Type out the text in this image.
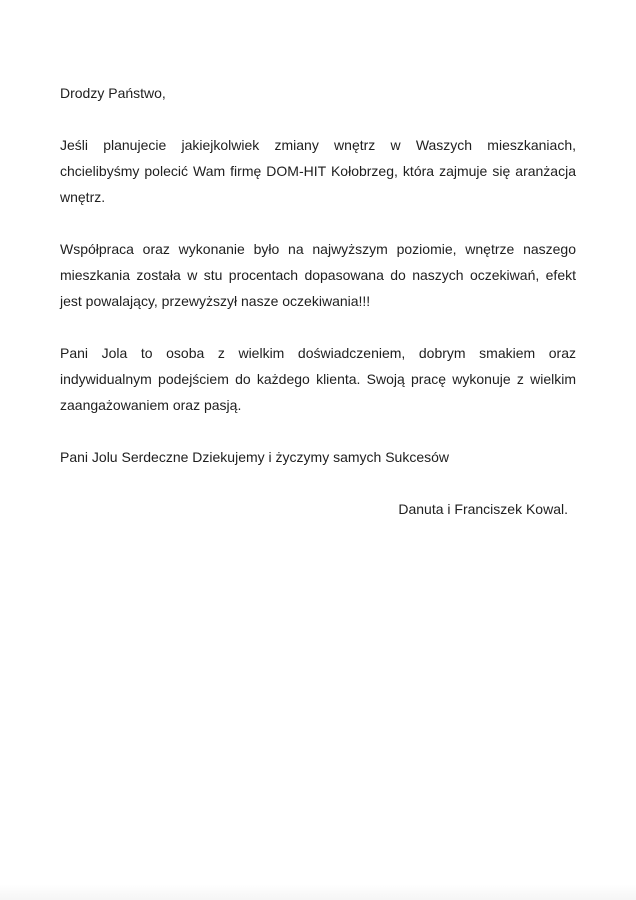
Drodzy Państwo,

Jeśli planujecie jakiejkolwiek zmiany wnętrz w Waszych mieszkaniach, chcielibyśmy polecić Wam firmę DOM-HIT Kołobrzeg, która zajmuje się aranżacja wnętrz.

Współpraca oraz wykonanie było na najwyższym poziomie, wnętrze naszego mieszkania została w stu procentach dopasowana do naszych oczekiwań, efekt jest powalający, przewyższył nasze oczekiwania!!!

Pani Jola to osoba z wielkim doświadczeniem, dobrym smakiem oraz indywidualnym podejściem do każdego klienta. Swoją pracę wykonuje z wielkim zaangażowaniem oraz pasją.

Pani Jolu Serdeczne Dziekujemy i życzymy samych Sukcesów

Danuta i Franciszek Kowal.
